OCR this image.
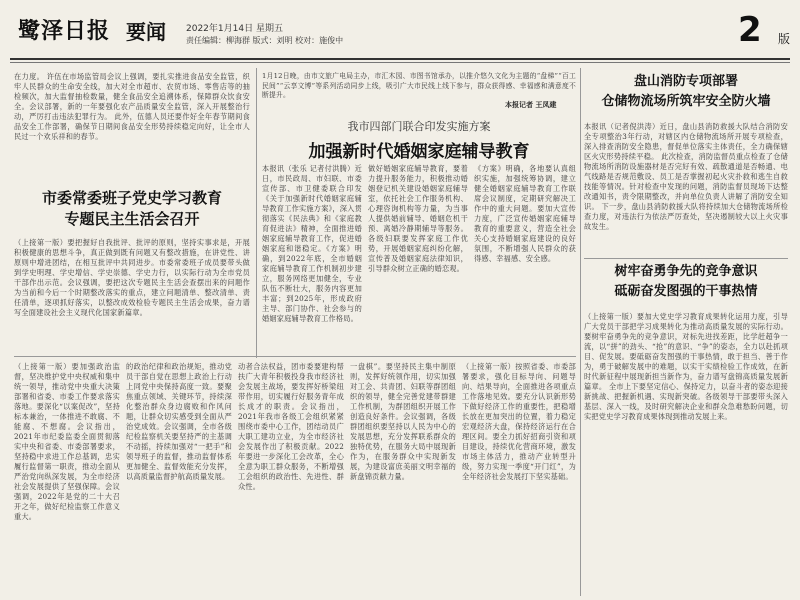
鹭泽日报 要闻 2022年1月14日 星期五
责任编辑：柳海群 版式：刘明 校对：施俊中	2 版
在力度。 许伍在市场监管局会议上强调，要扎实推进食品安全监管，织牢人民群众的生命安全线，加大对全市超市、农贸市场、零售店等的抽检频次，加大监督抽检数量，健全食品安全追溯体系，保障群众饮食安全。会议部署，新的一年要强化农产品质量安全监管，深入开展整治行动，严厉打击违法犯罪行为。 此外，伍德人员还要作好全年春节期间食品安全工作部署，确保节日期间食品安全形势持续稳定向好，让全市人民过一个欢乐祥和的春节。
1月12日晚，由市文旅广电局主办，市汇木园、市图书馆承办，以推介悠久文化为主题的“盘梯”“百工民间”“云享文博”等系列活动同步上线，吸引广大市民线上线下参与，群众获得感、幸福感和满意度不断提升。
本报记者 王凤建
市委常委班子党史学习教育
专题民主生活会召开
（上接第一版）要把握好自我批评、批评的原则，坚持实事求是，开展积极健康的思想斗争，真正做到既有问题又有整改措施，在讲党性、讲原则中增进团结，在相互批评中共同进步。市委常委班子成员要带头做到学史明理、学史增信、学史崇德、学史力行，以实际行动为全市党员干部作出示范。会议强调，要把这次专题民主生活会查摆出来的问题作为当前和今后一个时期整改落实的重点，建立问题清单、整改清单、责任清单，逐项抓好落实，以整改成效检验专题民主生活会成果，奋力谱写全面建设社会主义现代化国家新篇章。
我市四部门联合印发实施方案
加强新时代婚姻家庭辅导教育
本报讯（张乐 记者付洪腾）近日，市民政局、市妇联、市委宣传部、市卫健委联合印发《关于加强新时代婚姻家庭辅导教育工作实施方案》，深入贯彻落实《民法典》和《家庭教育促进法》精神，全面推进婚姻家庭辅导教育工作，促进婚姻家庭和谐稳定。《方案》明确，到2022年底，全市婚姻家庭辅导教育工作机制初步建立，服务网络更加健全，专业队伍不断壮大，服务内容更加丰富；到2025年，形成政府主导、部门协作、社会参与的婚姻家庭辅导教育工作格局。
做好婚姻家庭辅导教育，要着力提升服务能力，积极推动婚姻登记机关建设婚姻家庭辅导室，依托社会工作服务机构、心理咨询机构等力量，为当事人提供婚前辅导、婚姻危机干预、离婚冷静期辅导等服务。各级妇联要发挥家庭工作优势，开展婚姻家庭纠纷化解，宣传普及婚姻家庭法律知识，引导群众树立正确的婚恋观。
《方案》明确，各地要认真组织实施，加强统筹协调，建立健全婚姻家庭辅导教育工作联席会议制度，定期研究解决工作中的重大问题。要加大宣传力度，广泛宣传婚姻家庭辅导教育的重要意义，营造全社会关心支持婚姻家庭建设的良好氛围，不断增强人民群众的获得感、幸福感、安全感。
盘山消防专项部署
仓储物流场所筑牢安全防火墙
本报讯（记者倪洪涛）近日，盘山县消防救援大队结合消防安全专项整治3年行动，对辖区内仓储物流场所开展专项检查，深入排查消防安全隐患，督促单位落实主体责任，全力确保辖区火灾形势持续平稳。 此次检查，消防监督员重点检查了仓储物流场所消防设施器材是否完好有效、疏散通道是否畅通、电气线路是否规范敷设、员工是否掌握初起火灾扑救和逃生自救技能等情况。针对检查中发现的问题，消防监督员现场下达整改通知书，责令限期整改，并向单位负责人讲解了消防安全知识。 下一步，盘山县消防救援大队将持续加大仓储物流场所检查力度，对违法行为依法严厉查处，坚决遏制较大以上火灾事故发生。
树牢奋勇争先的竞争意识
砥砺奋发图强的干事热情
（上接第一版）要加大党史学习教育成果转化运用力度，引导广大党员干部把学习成果转化为推动高质量发展的实际行动。要树牢奋勇争先的竞争意识，对标先进找差距，比学赶超争一流，以“拼”的劲头、“抢”的意识、“争”的姿态，全力以赴抓项目、促发展。要砥砺奋发图强的干事热情，敢于担当、善于作为，勇于破解发展中的难题，以实干实绩检验工作成效，在新时代新征程中展现新担当新作为，奋力谱写盘锦高质量发展新篇章。 全市上下要坚定信心、保持定力，以奋斗者的姿态迎接新挑战、把握新机遇、实现新突破。各级领导干部要带头深入基层、深入一线，及时研究解决企业和群众急难愁盼问题，切实把党史学习教育成果体现到推动发展上来。
（上接第一版）要加强政治监督，坚决维护党中央权威和集中统一领导，推动党中央重大决策部署和省委、市委工作要求落实落地。要深化“以案促改”，坚持标本兼治，一体推进不敢腐、不能腐、不想腐。会议指出，2021年市纪委监委全面贯彻落实中央和省委、市委部署要求，坚持稳中求进工作总基调，忠实履行监督第一职责，推动全面从严治党向纵深发展，为全市经济社会发展提供了坚强保障。会议强调，2022年是党的二十大召开之年，做好纪检监察工作意义重大。
的政治纪律和政治规矩，推动党员干部自觉在思想上政治上行动上同党中央保持高度一致。要聚焦重点领域、关键环节，持续深化整治群众身边腐败和作风问题，让群众切实感受到全面从严治党成效。会议强调，全市各级纪检监察机关要坚持严的主基调不动摇，持续加强对“一把手”和领导班子的监督，推动监督体系更加健全、监督效能充分发挥，以高质量监督护航高质量发展。
动者合法权益，团市委要建构帮扶广大青年积极投身我市经济社会发展主战场，要发挥好桥梁纽带作用，切实履行好服务青年成长成才的职责。会议指出，2021年我市各级工会组织紧紧围绕市委中心工作，团结动员广大职工建功立业，为全市经济社会发展作出了积极贡献。2022年要进一步深化工会改革，全心全意为职工群众服务，不断增强工会组织的政治性、先进性、群众性。
一盘棋”。要坚持民主集中制原则，发挥好统领作用，切实加强对工会、共青团、妇联等群团组织的领导，健全完善党建带群建工作机制，为群团组织开展工作创造良好条件。会议强调，各级群团组织要坚持以人民为中心的发展思想，充分发挥联系群众的独特优势，在服务大局中展现新作为，在服务群众中实现新发展，为建设富庶美丽文明幸福的新盘锦贡献力量。
（上接第一版）按照省委、市委部署要求，强化目标导向、问题导向、结果导向，全面推进各项重点工作落地见效。要充分认识新形势下做好经济工作的重要性，把稳增长放在更加突出的位置，着力稳定宏观经济大盘，保持经济运行在合理区间。要全力抓好招商引资和项目建设，持续优化营商环境，激发市场主体活力，推动产业转型升级，努力实现一季度“开门红”，为全年经济社会发展打下坚实基础。
